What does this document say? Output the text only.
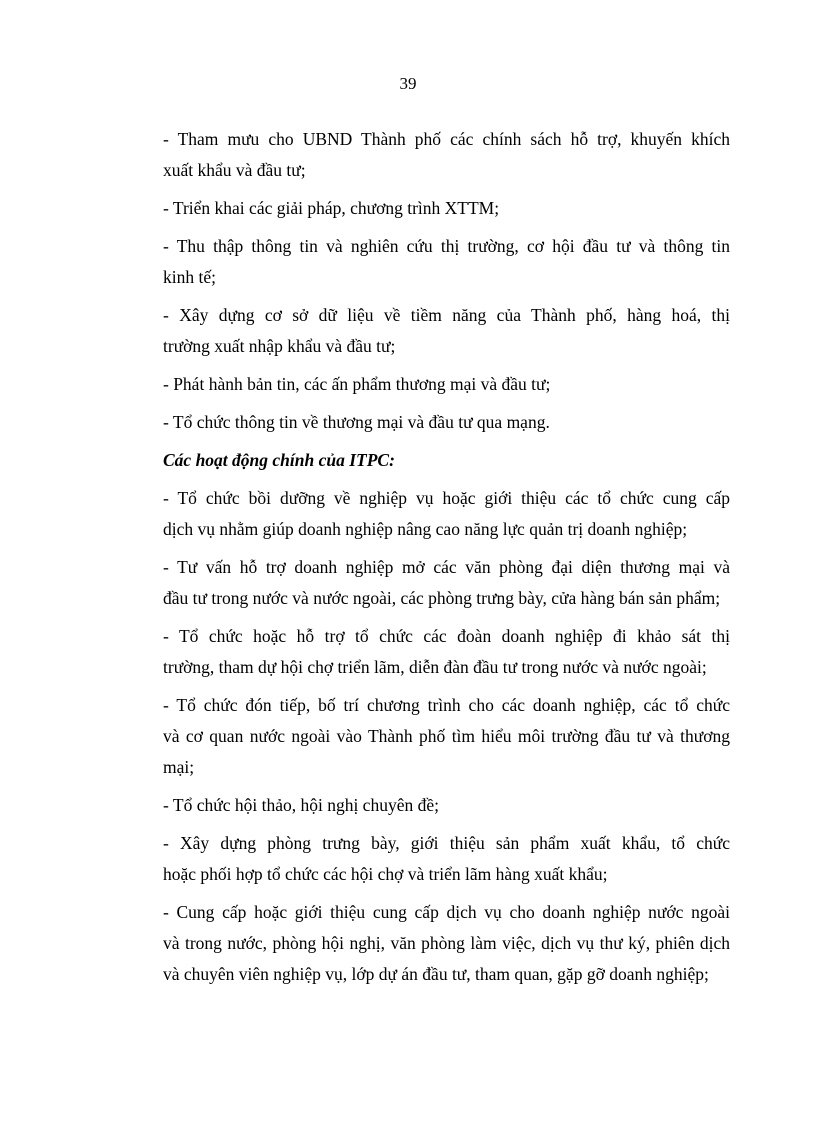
39

- Tham mưu cho UBND Thành phố các chính sách hỗ trợ, khuyến khích
xuất khẩu và đầu tư;

- Triển khai các giải pháp, chương trình XTTM;

- Thu thập thông tin và nghiên cứu thị trường, cơ hội đầu tư và thông tin
kinh tế;

- Xây dựng cơ sở dữ liệu về tiềm năng của Thành phố, hàng hoá, thị
trường xuất nhập khẩu và đầu tư;

- Phát hành bản tin, các ấn phẩm thương mại và đầu tư;

- Tổ chức thông tin về thương mại và đầu tư qua mạng.

Các hoạt động chính của ITPC:

- Tổ chức bồi dưỡng về nghiệp vụ hoặc giới thiệu các tổ chức cung cấp
dịch vụ nhằm giúp doanh nghiệp nâng cao năng lực quản trị doanh nghiệp;

- Tư vấn hỗ trợ doanh nghiệp mở các văn phòng đại diện thương mại và
đầu tư trong nước và nước ngoài, các phòng trưng bày, cửa hàng bán sản phẩm;

- Tổ chức hoặc hỗ trợ tổ chức các đoàn doanh nghiệp đi khảo sát thị
trường, tham dự hội chợ triển lãm, diễn đàn đầu tư trong nước và nước ngoài;

- Tổ chức đón tiếp, bố trí chương trình cho các doanh nghiệp, các tổ chức
và cơ quan nước ngoài vào Thành phố tìm hiểu môi trường đầu tư và thương
mại;

- Tổ chức hội thảo, hội nghị chuyên đề;

- Xây dựng phòng trưng bày, giới thiệu sản phẩm xuất khẩu, tổ chức
hoặc phối hợp tổ chức các hội chợ và triển lãm hàng xuất khẩu;

- Cung cấp hoặc giới thiệu cung cấp dịch vụ cho doanh nghiệp nước ngoài
và trong nước, phòng hội nghị, văn phòng làm việc, dịch vụ thư ký, phiên dịch
và chuyên viên nghiệp vụ, lớp dự án đầu tư, tham quan, gặp gỡ doanh nghiệp;
